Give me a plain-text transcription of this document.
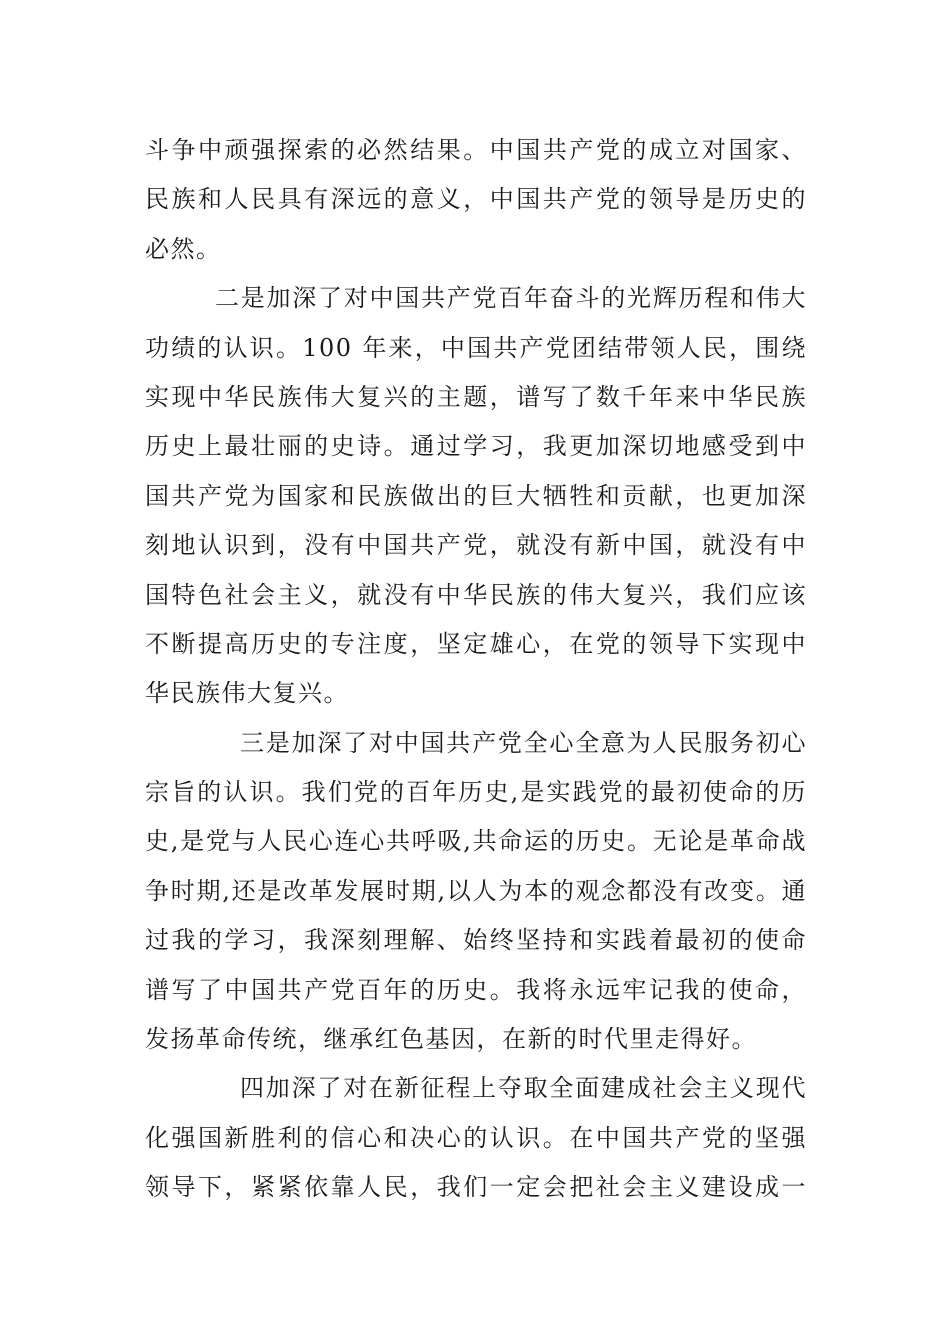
斗争中顽强探索的必然结果。中国共产党的成立对国家、
民族和人民具有深远的意义，中国共产党的领导是历史的
必然。
二是加深了对中国共产党百年奋斗的光辉历程和伟大
功绩的认识。100 年来，中国共产党团结带领人民，围绕
实现中华民族伟大复兴的主题，谱写了数千年来中华民族
历史上最壮丽的史诗。通过学习，我更加深切地感受到中
国共产党为国家和民族做出的巨大牺牲和贡献，也更加深
刻地认识到，没有中国共产党，就没有新中国，就没有中
国特色社会主义，就没有中华民族的伟大复兴，我们应该
不断提高历史的专注度，坚定雄心，在党的领导下实现中
华民族伟大复兴。
三是加深了对中国共产党全心全意为人民服务初心
宗旨的认识。我们党的百年历史,是实践党的最初使命的历
史,是党与人民心连心共呼吸,共命运的历史。无论是革命战
争时期,还是改革发展时期,以人为本的观念都没有改变。通
过我的学习，我深刻理解、始终坚持和实践着最初的使命
谱写了中国共产党百年的历史。我将永远牢记我的使命，
发扬革命传统，继承红色基因，在新的时代里走得好。
四加深了对在新征程上夺取全面建成社会主义现代
化强国新胜利的信心和决心的认识。在中国共产党的坚强
领导下，紧紧依靠人民，我们一定会把社会主义建设成一
